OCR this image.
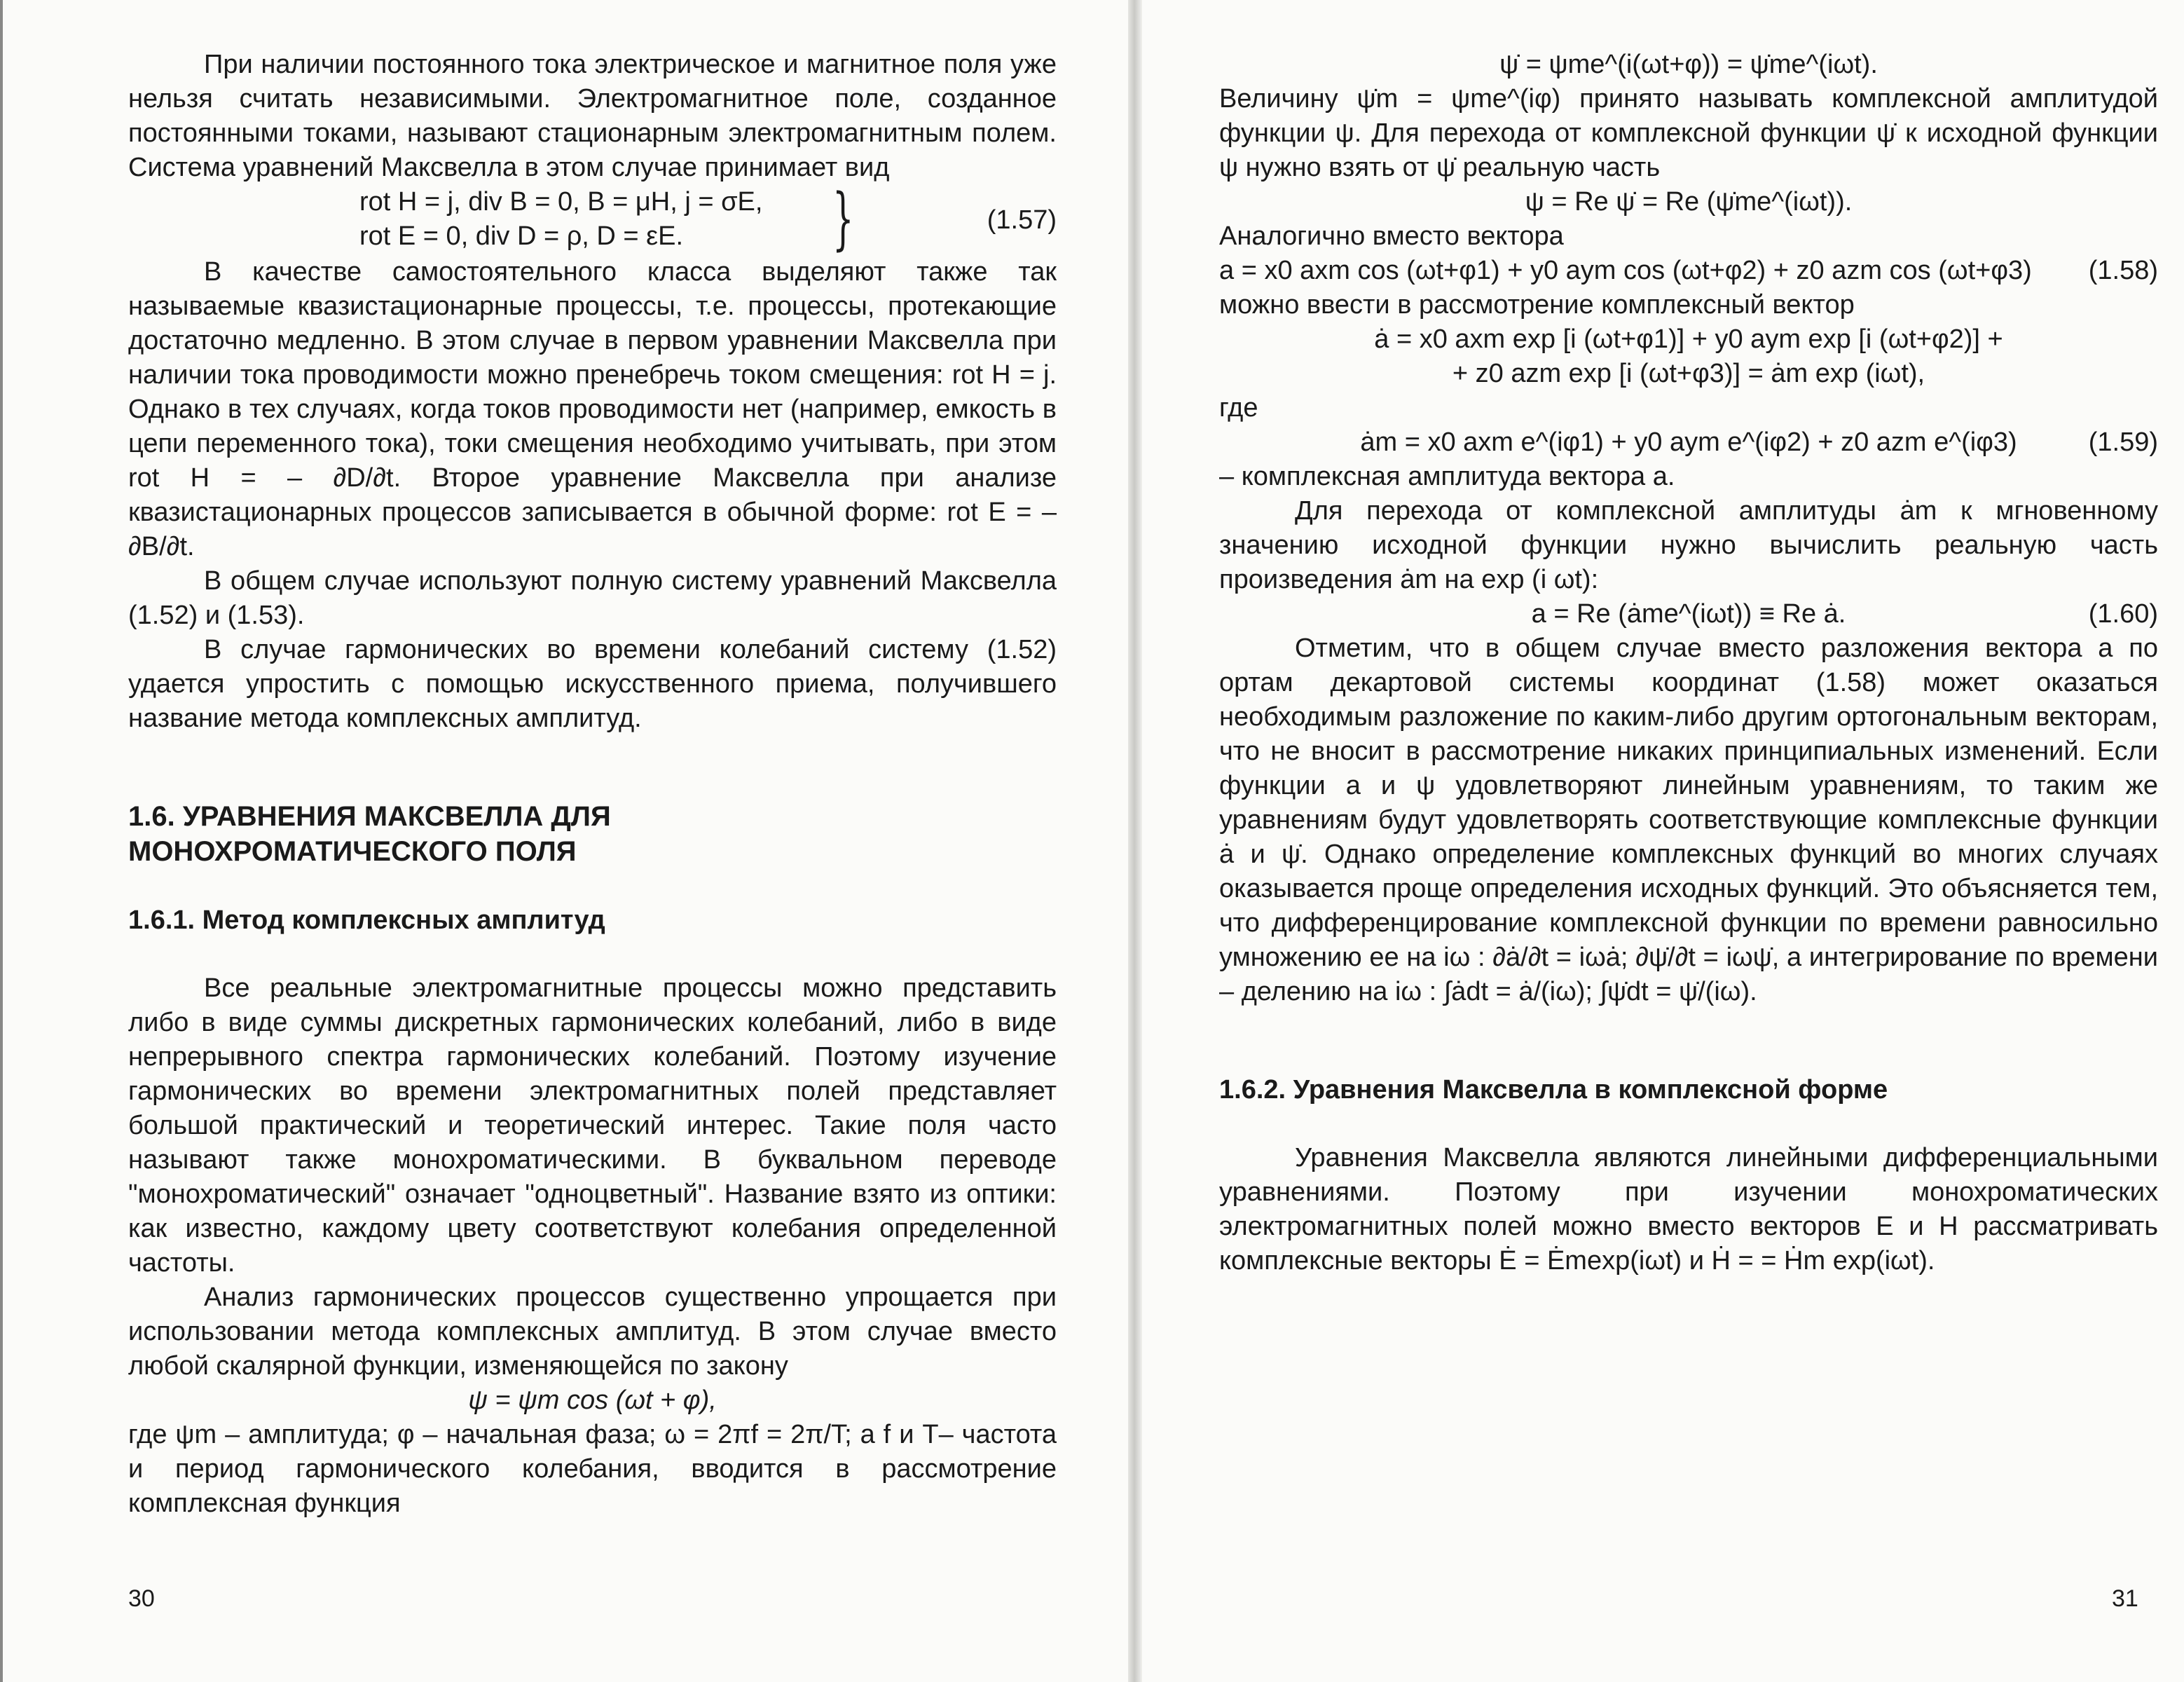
При наличии постоянного тока электрическое и магнитное поля уже нельзя считать независимыми. Электромагнитное поле, созданное постоянными токами, называют стационарным электромагнитным полем. Система уравнений Максвелла в этом случае принимает вид

rot H = j, div B = 0, B = μH, j = σE,
rot E = 0, div D = ρ, D = εE. }	(1.57)

В качестве самостоятельного класса выделяют также так называемые квазистационарные процессы, т.е. процессы, протекающие достаточно медленно. В этом случае в первом уравнении Максвелла при наличии тока проводимости можно пренебречь током смещения: rot H = j. Однако в тех случаях, когда токов проводимости нет (например, емкость в цепи переменного тока), токи смещения необходимо учитывать, при этом rot H = – ∂D/∂t. Второе уравнение Максвелла при анализе квазистационарных процессов записывается в обычной форме: rot E = – ∂B/∂t.

В общем случае используют полную систему уравнений Максвелла (1.52) и (1.53).

В случае гармонических во времени колебаний систему (1.52) удается упростить с помощью искусственного приема, получившего название метода комплексных амплитуд.

1.6. УРАВНЕНИЯ МАКСВЕЛЛА ДЛЯ
МОНОХРОМАТИЧЕСКОГО ПОЛЯ
1.6.1. Метод комплексных амплитуд

Все реальные электромагнитные процессы можно представить либо в виде суммы дискретных гармонических колебаний, либо в виде непрерывного спектра гармонических колебаний. Поэтому изучение гармонических во времени электромагнитных полей представляет большой практический и теоретический интерес. Такие поля часто называют также монохроматическими. В буквальном переводе "монохроматический" означает "одноцветный". Название взято из оптики: как известно, каждому цвету соответствуют колебания определенной частоты.

Анализ гармонических процессов существенно упрощается при использовании метода комплексных амплитуд. В этом случае вместо любой скалярной функции, изменяющейся по закону

ψ = ψm cos (ωt + φ),

где ψm – амплитуда; φ – начальная фаза; ω = 2πf = 2π/T; а f и T– частота и период гармонического колебания, вводится в рассмотрение комплексная функция

30

ψ̇ = ψme^(i(ωt+φ)) = ψ̇me^(iωt).

Величину ψ̇m = ψme^(iφ) принято называть комплексной амплитудой функции ψ. Для перехода от комплексной функции ψ̇ к исходной функции ψ нужно взять от ψ̇ реальную часть

ψ = Re ψ̇ = Re (ψ̇me^(iωt)).

Аналогично вместо вектора

a = x0 axm cos (ωt+φ1) + y0 aym cos (ωt+φ2) + z0 azm cos (ωt+φ3)	(1.58)

можно ввести в рассмотрение комплексный вектор

ȧ = x0 axm exp [i (ωt+φ1)] + y0 aym exp [i (ωt+φ2)] +

+ z0 azm exp [i (ωt+φ3)] = ȧm exp (iωt),

где

ȧm = x0 axm e^(iφ1) + y0 aym e^(iφ2) + z0 azm e^(iφ3)	(1.59)

– комплексная амплитуда вектора a.

Для перехода от комплексной амплитуды ȧm к мгновенному значению исходной функции нужно вычислить реальную часть произведения ȧm на exp (i ωt):

a = Re (ȧme^(iωt)) ≡ Re ȧ.	(1.60)

Отметим, что в общем случае вместо разложения вектора a по ортам декартовой системы координат (1.58) может оказаться необходимым разложение по каким-либо другим ортогональным векторам, что не вносит в рассмотрение никаких принципиальных изменений. Если функции a и ψ удовлетворяют линейным уравнениям, то таким же уравнениям будут удовлетворять соответствующие комплексные функции ȧ и ψ̇. Однако определение комплексных функций во многих случаях оказывается проще определения исходных функций. Это объясняется тем, что дифференцирование комплексной функции по времени равносильно умножению ее на iω : ∂ȧ/∂t = iωȧ; ∂ψ̇/∂t = iωψ̇, а интегрирование по времени – делению на iω : ∫ȧdt = ȧ/(iω); ∫ψ̇dt = ψ̇/(iω).

1.6.2. Уравнения Максвелла в комплексной форме

Уравнения Максвелла являются линейными дифференциальными уравнениями. Поэтому при изучении монохроматических электромагнитных полей можно вместо векторов E и H рассматривать комплексные векторы Ė = Ėmexp(iωt) и Ḣ = = Ḣm exp(iωt).

31
